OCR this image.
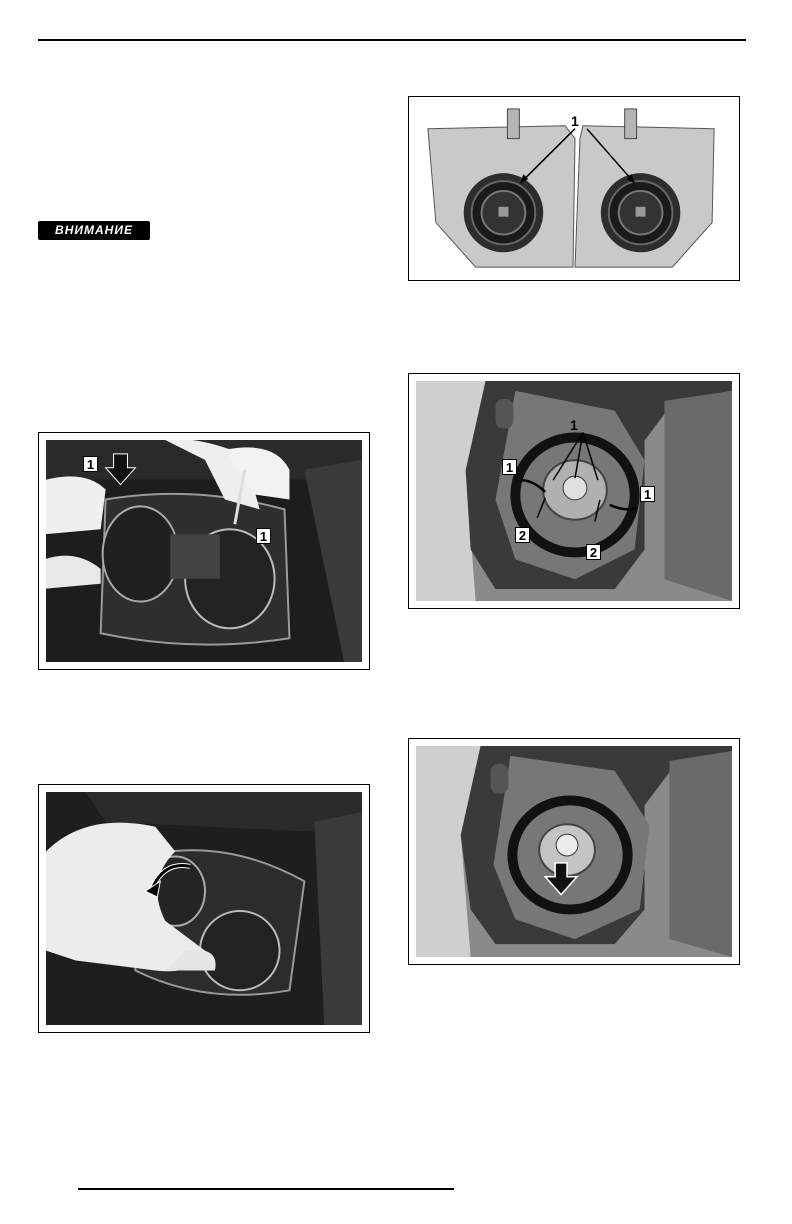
ВНИМАНИЕ
1
1
1
1
1
1
2
2
